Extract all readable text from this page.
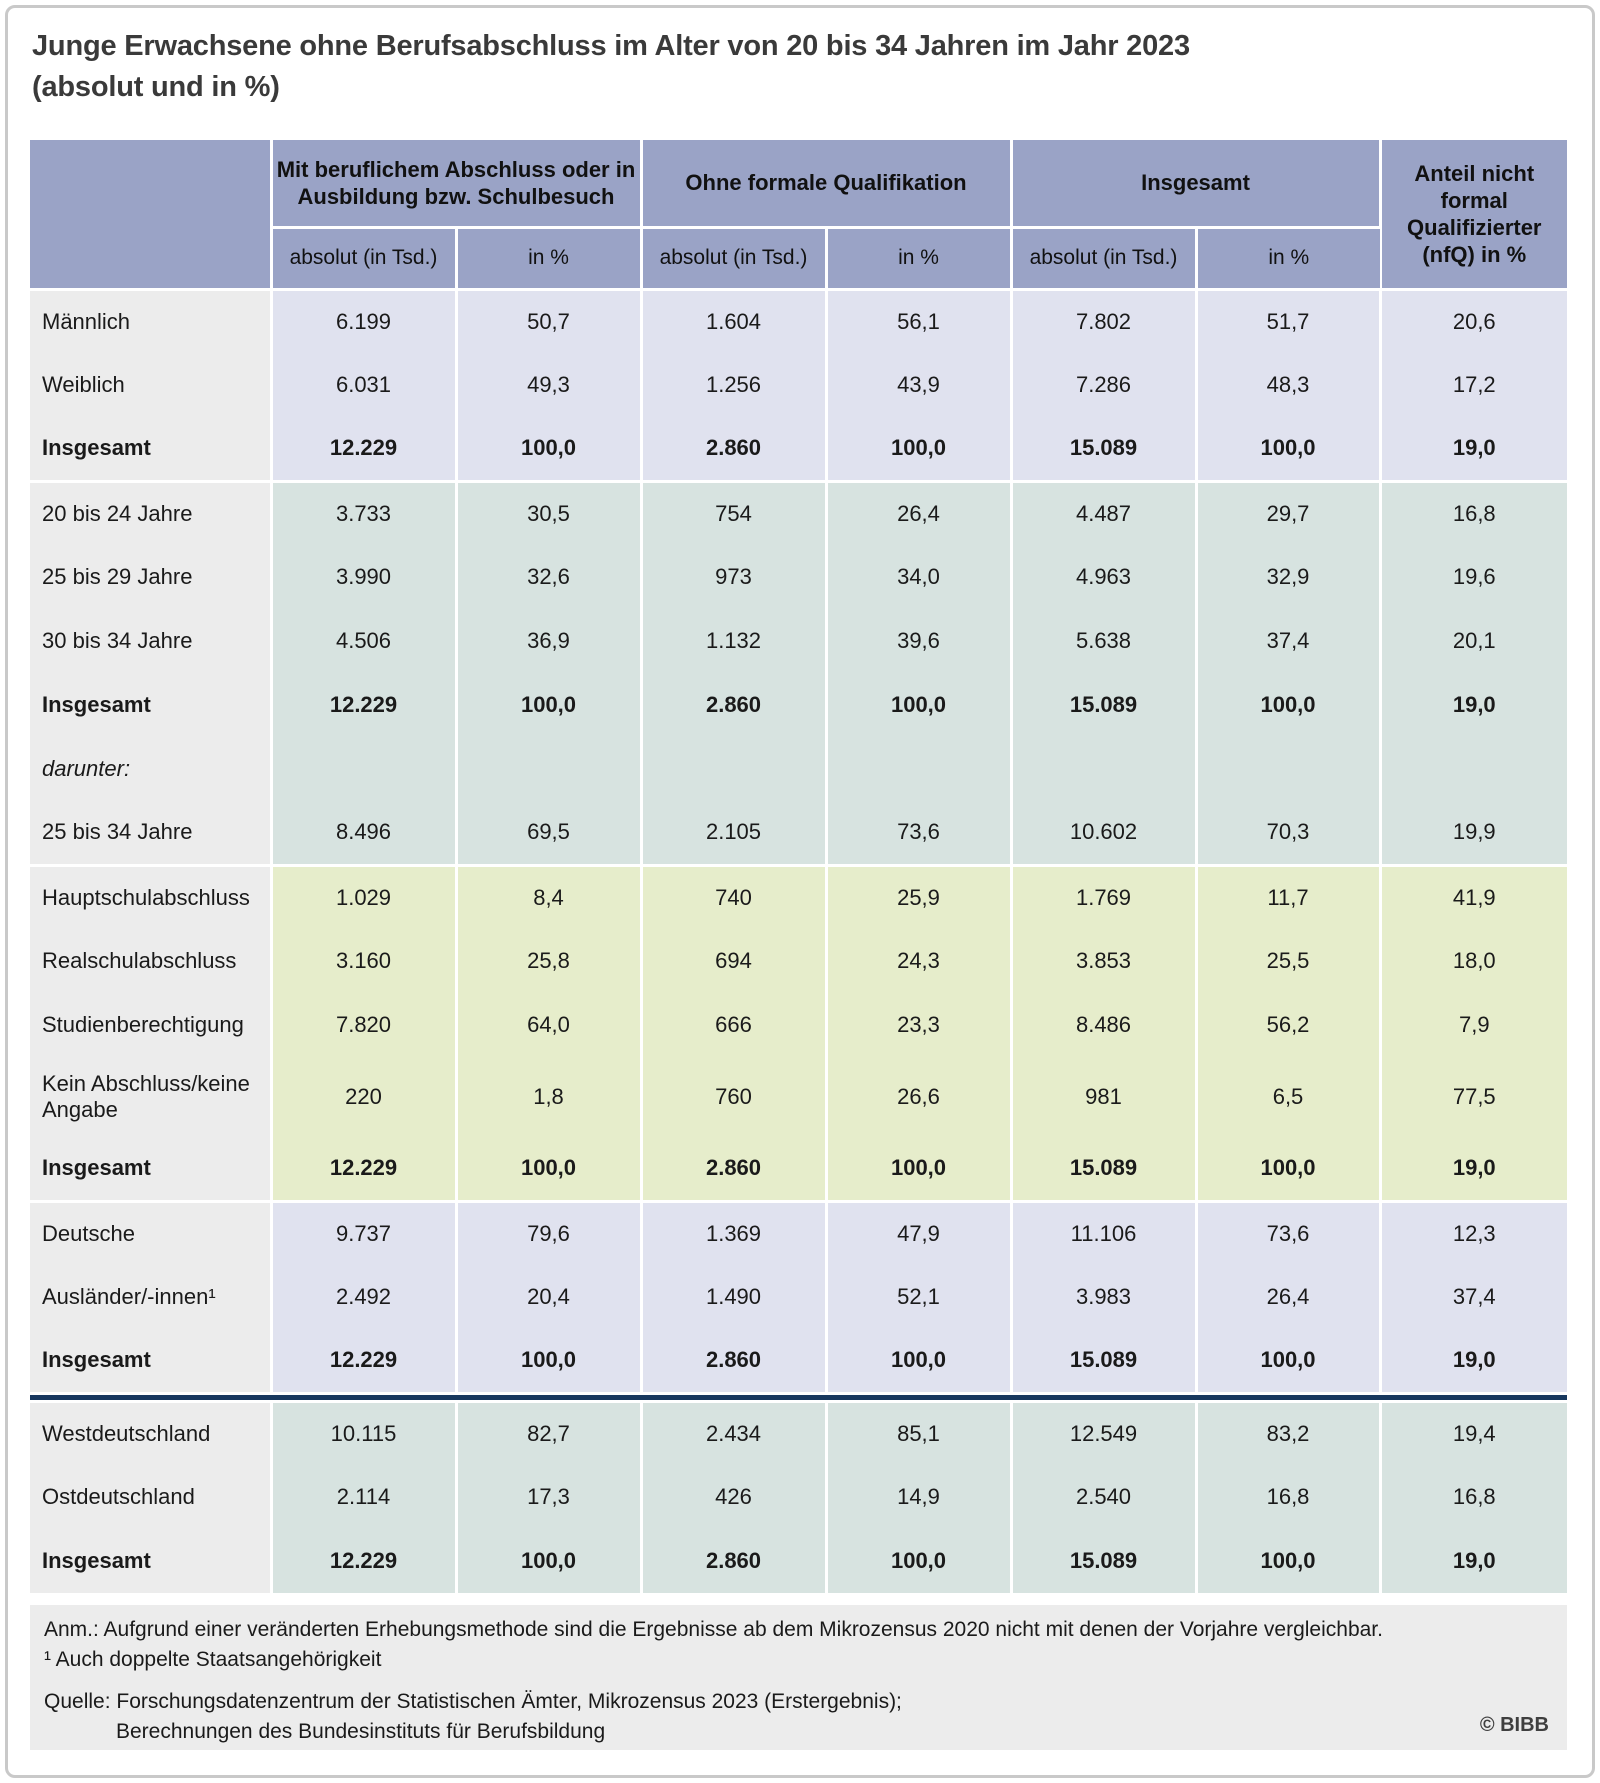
Junge Erwachsene ohne Berufsabschluss im Alter von 20 bis 34 Jahren im Jahr 2023
(absolut und in %)
	Mit beruflichem Abschluss oder in Ausbildung bzw. Schulbesuch		Ohne formale Qualifikation		Insgesamt		Anteil nicht formal Qualifizierter (nfQ) in %
	absolut (in Tsd.)	in %	absolut (in Tsd.)	in %	absolut (in Tsd.)	in %	
Männlich	6.199	50,7	1.604	56,1	7.802	51,7	20,6
Weiblich	6.031	49,3	1.256	43,9	7.286	48,3	17,2
Insgesamt	12.229	100,0	2.860	100,0	15.089	100,0	19,0
20 bis 24 Jahre	3.733	30,5	754	26,4	4.487	29,7	16,8
25 bis 29 Jahre	3.990	32,6	973	34,0	4.963	32,9	19,6
30 bis 34 Jahre	4.506	36,9	1.132	39,6	5.638	37,4	20,1
Insgesamt	12.229	100,0	2.860	100,0	15.089	100,0	19,0
darunter:							
25 bis 34 Jahre	8.496	69,5	2.105	73,6	10.602	70,3	19,9
Hauptschulabschluss	1.029	8,4	740	25,9	1.769	11,7	41,9
Realschulabschluss	3.160	25,8	694	24,3	3.853	25,5	18,0
Studienberechtigung	7.820	64,0	666	23,3	8.486	56,2	7,9
Kein Abschluss/keine Angabe	220	1,8	760	26,6	981	6,5	77,5
Insgesamt	12.229	100,0	2.860	100,0	15.089	100,0	19,0
Deutsche	9.737	79,6	1.369	47,9	11.106	73,6	12,3
Ausländer/-innen¹	2.492	20,4	1.490	52,1	3.983	26,4	37,4
Insgesamt	12.229	100,0	2.860	100,0	15.089	100,0	19,0

Westdeutschland	10.115	82,7	2.434	85,1	12.549	83,2	19,4
Ostdeutschland	2.114	17,3	426	14,9	2.540	16,8	16,8
Insgesamt	12.229	100,0	2.860	100,0	15.089	100,0	19,0
Anm.: Aufgrund einer veränderten Erhebungsmethode sind die Ergebnisse ab dem Mikrozensus 2020 nicht mit denen der Vorjahre vergleichbar.
¹ Auch doppelte Staatsangehörigkeit
Quelle: Forschungsdatenzentrum der Statistischen Ämter, Mikrozensus 2023 (Erstergebnis);
Berechnungen des Bundesinstituts für Berufsbildung	© BIBB
